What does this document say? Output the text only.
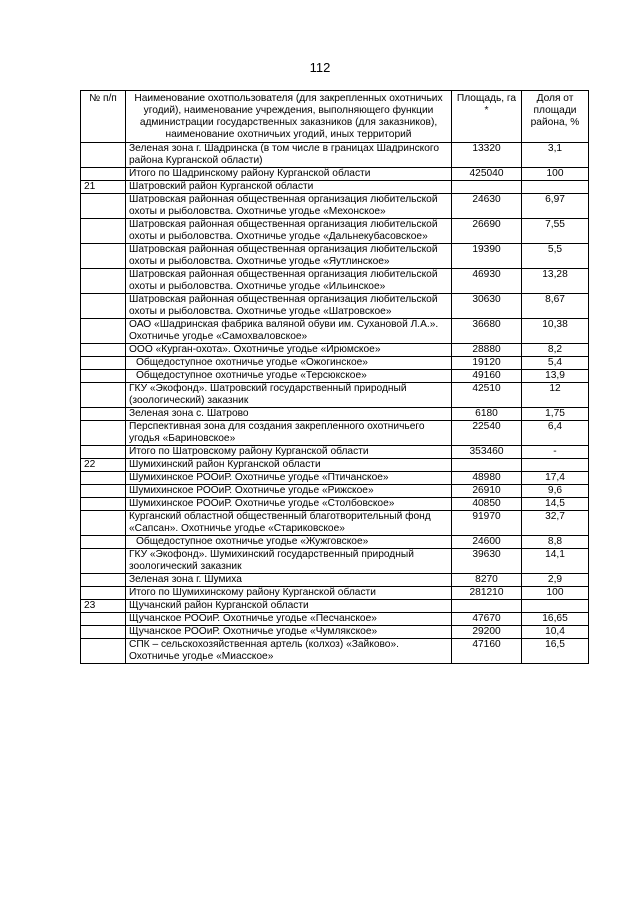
112
№ п/п	Наименование охотпользователя (для закрепленных охотничьих угодий), наименование учреждения, выполняющего функции администрации государственных заказников (для заказников), наименование охотничьих угодий, иных территорий	Площадь, га *	Доля от площади района, %
	Зеленая зона г. Шадринска (в том числе в границах Шадринского района Курганской области)	13320	3,1
	Итого по Шадринскому району Курганской области	425040	100
21	Шатровский район Курганской области		
	Шатровская районная общественная организация любительской охоты и рыболовства. Охотничье угодье «Мехонское»	24630	6,97
	Шатровская районная общественная организация любительской охоты и рыболовства. Охотничье угодье «Дальнекубасовское»	26690	7,55
	Шатровская районная общественная организация любительской охоты и рыболовства. Охотничье угодье «Яутлинское»	19390	5,5
	Шатровская районная общественная организация любительской охоты и рыболовства. Охотничье угодье «Ильинское»	46930	13,28
	Шатровская районная общественная организация любительской охоты и рыболовства. Охотничье угодье «Шатровское»	30630	8,67
	ОАО «Шадринская фабрика валяной обуви им. Сухановой Л.А.». Охотничье угодье «Самохваловское»	36680	10,38
	ООО «Курган-охота». Охотничье угодье «Ирюмское»	28880	8,2
	Общедоступное охотничье угодье «Ожогинское»	19120	5,4
	Общедоступное охотничье угодье «Терсюкское»	49160	13,9
	ГКУ «Экофонд». Шатровский государственный природный (зоологический) заказник	42510	12
	Зеленая зона с. Шатрово	6180	1,75
	Перспективная зона для создания закрепленного охотничьего угодья «Бариновское»	22540	6,4
	Итого по Шатровскому району Курганской области	353460	-
22	Шумихинский район Курганской области		
	Шумихинское РООиР. Охотничье угодье «Птичанское»	48980	17,4
	Шумихинское РООиР. Охотничье угодье «Рижское»	26910	9,6
	Шумихинское РООиР. Охотничье угодье «Столбовское»	40850	14,5
	Курганский областной общественный благотворительный фонд «Сапсан». Охотничье угодье «Стариковское»	91970	32,7
	Общедоступное охотничье угодье «Жужговское»	24600	8,8
	ГКУ «Экофонд». Шумихинский государственный природный зоологический заказник	39630	14,1
	Зеленая зона г. Шумиха	8270	2,9
	Итого по Шумихинскому району Курганской области	281210	100
23	Щучанский район Курганской области		
	Щучанское РООиР. Охотничье угодье «Песчанское»	47670	16,65
	Щучанское РООиР. Охотничье угодье «Чумлякское»	29200	10,4
	СПК – сельскохозяйственная артель (колхоз) «Зайково». Охотничье угодье «Миасское»	47160	16,5
